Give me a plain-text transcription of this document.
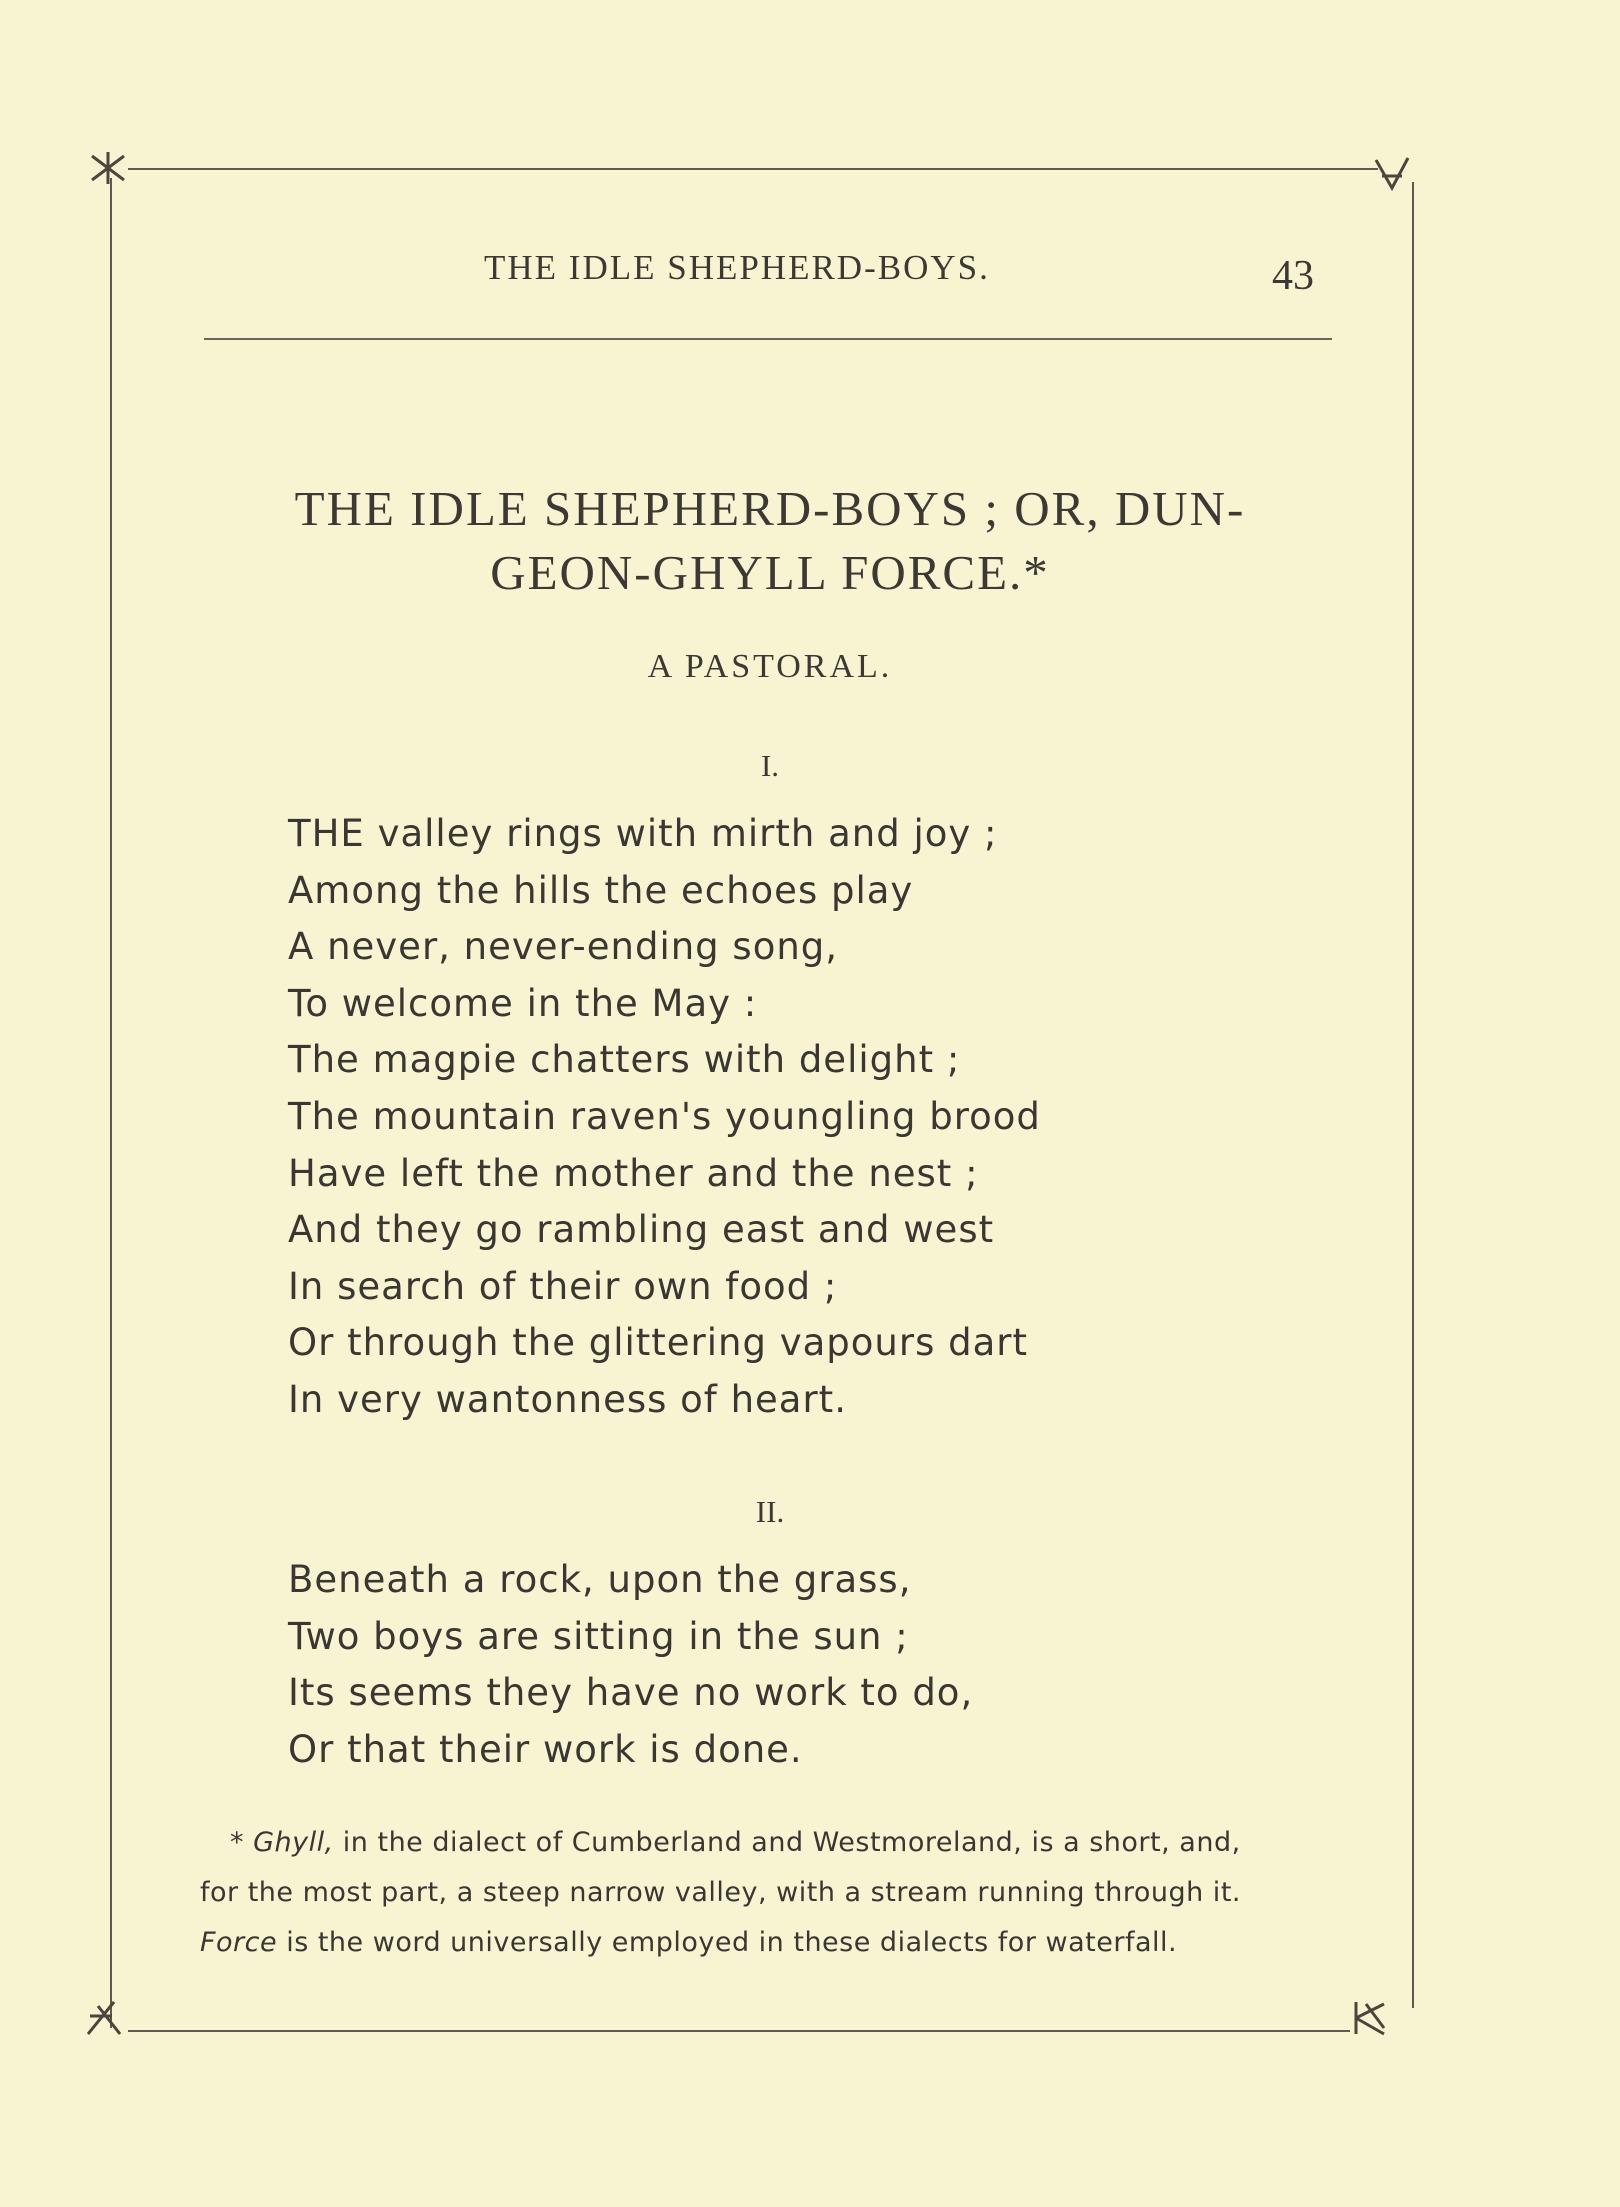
THE IDLE SHEPHERD-BOYS.	43
THE IDLE SHEPHERD-BOYS ; OR, DUN-
GEON-GHYLL FORCE.*
A PASTORAL.
I.
THE valley rings with mirth and joy ;
Among the hills the echoes play
A never, never-ending song,
To welcome in the May :
The magpie chatters with delight ;
The mountain raven's youngling brood
Have left the mother and the nest ;
And they go rambling east and west
In search of their own food ;
Or through the glittering vapours dart
In very wantonness of heart.
II.
Beneath a rock, upon the grass,
Two boys are sitting in the sun ;
Its seems they have no work to do,
Or that their work is done.
* Ghyll, in the dialect of Cumberland and Westmoreland, is a short, and,
for the most part, a steep narrow valley, with a stream running through it.
Force is the word universally employed in these dialects for waterfall.
